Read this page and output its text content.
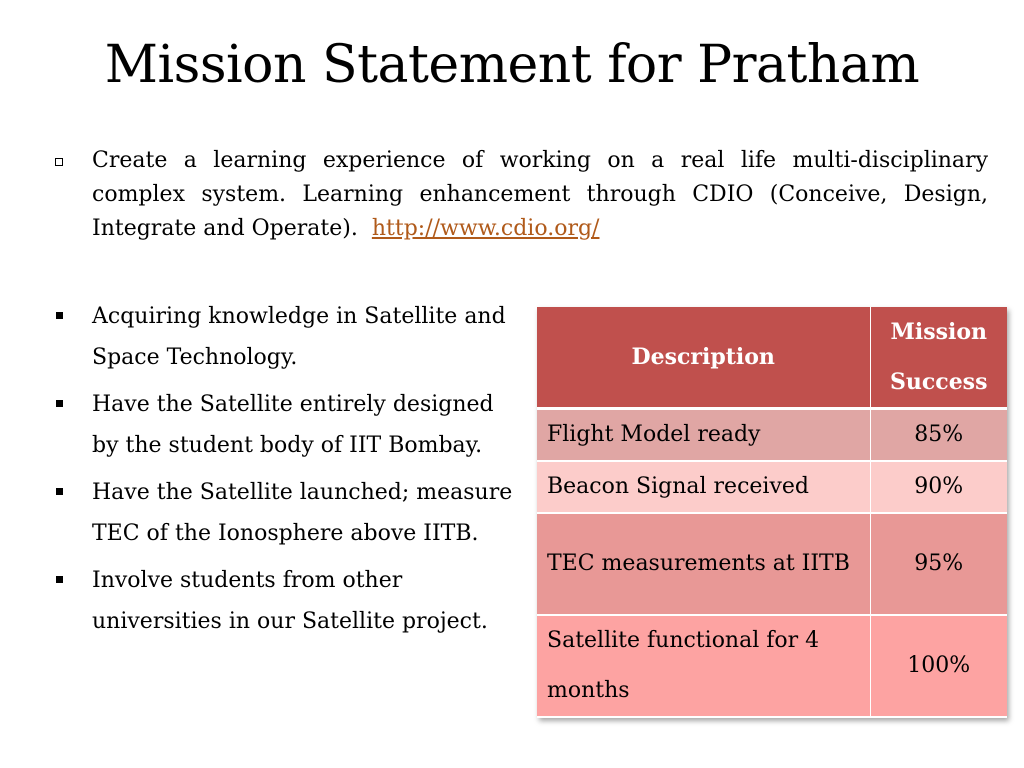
Mission Statement for Pratham
Create a learning experience of working on a real life multi-disciplinary complex system. Learning enhancement through CDIO (Conceive, Design, Integrate and Operate). http://www.cdio.org/
Acquiring knowledge in Satellite and Space Technology.
Have the Satellite entirely designed by the student body of IIT Bombay.
Have the Satellite launched; measure TEC of the Ionosphere above IITB.
Involve students from other universities in our Satellite project.
Description	Mission Success
Flight Model ready	85%
Beacon Signal received	90%
TEC measurements at IITB	95%
Satellite functional for 4 months	100%
